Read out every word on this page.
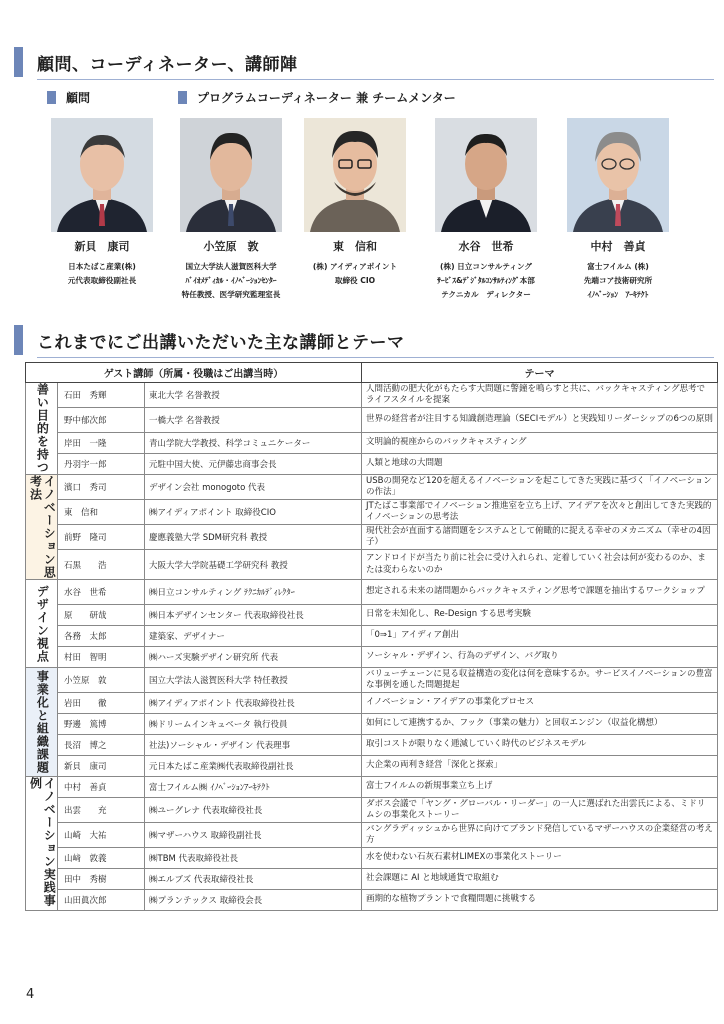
顧問、コーディネーター、講師陣
顧問	プログラムコーディネーター 兼 チームメンター
新貝　康司
日本たばこ産業(株)
元代表取締役副社長
小笠原　敦
国立大学法人滋賀医科大学
ﾊﾞｲｵﾒﾃﾞｨｶﾙ・ｲﾉﾍﾞｰｼｮﾝｾﾝﾀｰ
特任教授、医学研究監理室長
東　信和
(株) アイディアポイント
取締役 CIO
水谷　世希
(株) 日立コンサルティング
ｻｰﾋﾞｽ&ﾃﾞｼﾞﾀﾙｺﾝｻﾙﾃｨﾝｸﾞ本部
テクニカル　ディレクター
中村　善貞
富士フイルム (株)
先端コア技術研究所
ｲﾉﾍﾞｰｼｮﾝ　ｱｰｷﾃｸﾄ
これまでにご出講いただいた主な講師とテーマ
ゲスト講師（所属・役職はご出講当時）			テーマ

善い目的を持つ	石田　秀輝	東北大学 名誉教授	人間活動の肥大化がもたらす大問題に警鐘を鳴らすと共に、バックキャスティング思考でライフスタイルを提案
	野中郁次郎	一橋大学 名誉教授	世界の経営者が注目する知識創造理論（SECIモデル）と実践知リーダーシップの6つの原則
	岸田　一隆	青山学院大学教授、科学コミュニケーター	文明論的視座からのバックキャスティング
	丹羽宇一郎	元駐中国大使、元伊藤忠商事会長	人類と地球の大問題

イノベーション思考法	濱口　秀司	デザイン会社 monogoto 代表	USBの開発など120を超えるイノベーションを起こしてきた実践に基づく「イノベーションの作法」
	東　信和	㈱アイディアポイント 取締役CIO	JTたばこ事業部でイノベーション推進室を立ち上げ、アイデアを次々と創出してきた実践的イノベーションの思考法
	前野　隆司	慶應義塾大学 SDM研究科 教授	現代社会が直面する諸問題をシステムとして俯瞰的に捉える幸せのメカニズム（幸せの4因子）
	石黒　　浩	大阪大学大学院基礎工学研究科 教授	アンドロイドが当たり前に社会に受け入れられ、定着していく社会は何が変わるのか、または変わらないのか

デザイン視点	水谷　世希	㈱日立コンサルティング ﾃｸﾆｶﾙﾃﾞｨﾚｸﾀｰ	想定される未来の諸問題からバックキャスティング思考で課題を抽出するワークショップ
	原　　研哉	㈱日本デザインセンター 代表取締役社長	日常を未知化し、Re-Design する思考実験
	各務　太郎	建築家、デザイナー	「0⇒1」アイディア創出
	村田　智明	㈱ハーズ実験デザイン研究所 代表	ソーシャル・デザイン、行為のデザイン、バグ取り

事業化と組織課題	小笠原　敦	国立大学法人滋賀医科大学 特任教授	バリューチェーンに見る収益構造の変化は何を意味するか。サービスイノベーションの豊富な事例を通した問題提起
	岩田　　徹	㈱アイディアポイント 代表取締役社長	イノベーション・アイデアの事業化プロセス
	野邊　篤博	㈱ドリームインキュベータ 執行役員	如何にして連携するか、フック（事業の魅力）と回収エンジン（収益化構想）
	長沼　博之	社法)ソーシャル・デザイン 代表理事	取引コストが限りなく逓減していく時代のビジネスモデル
	新貝　康司	元日本たばこ産業㈱代表取締役副社長	大企業の両利き経営「深化と探索」

イノベーション実践事例	中村　善貞	富士フイルム㈱ ｲﾉﾍﾞｰｼｮﾝｱｰｷﾃｸﾄ	富士フイルムの新規事業立ち上げ
	出雲　　充	㈱ユーグレナ 代表取締役社長	ダボス会議で「ヤング・グローバル・リーダー」の一人に選ばれた出雲氏による、ミドリムシの事業化ストーリー
	山崎　大祐	㈱マザーハウス 取締役副社長	バングラディッシュから世界に向けてブランド発信しているマザーハウスの企業経営の考え方
	山﨑　敦義	㈱TBM 代表取締役社長	水を使わない石灰石素材LIMEXの事業化ストーリー
	田中　秀樹	㈱エルブズ 代表取締役社長	社会課題に AI と地域通貨で取組む
	山田眞次郎	㈱プランテックス 取締役会長	画期的な植物プラントで食糧問題に挑戦する
4
